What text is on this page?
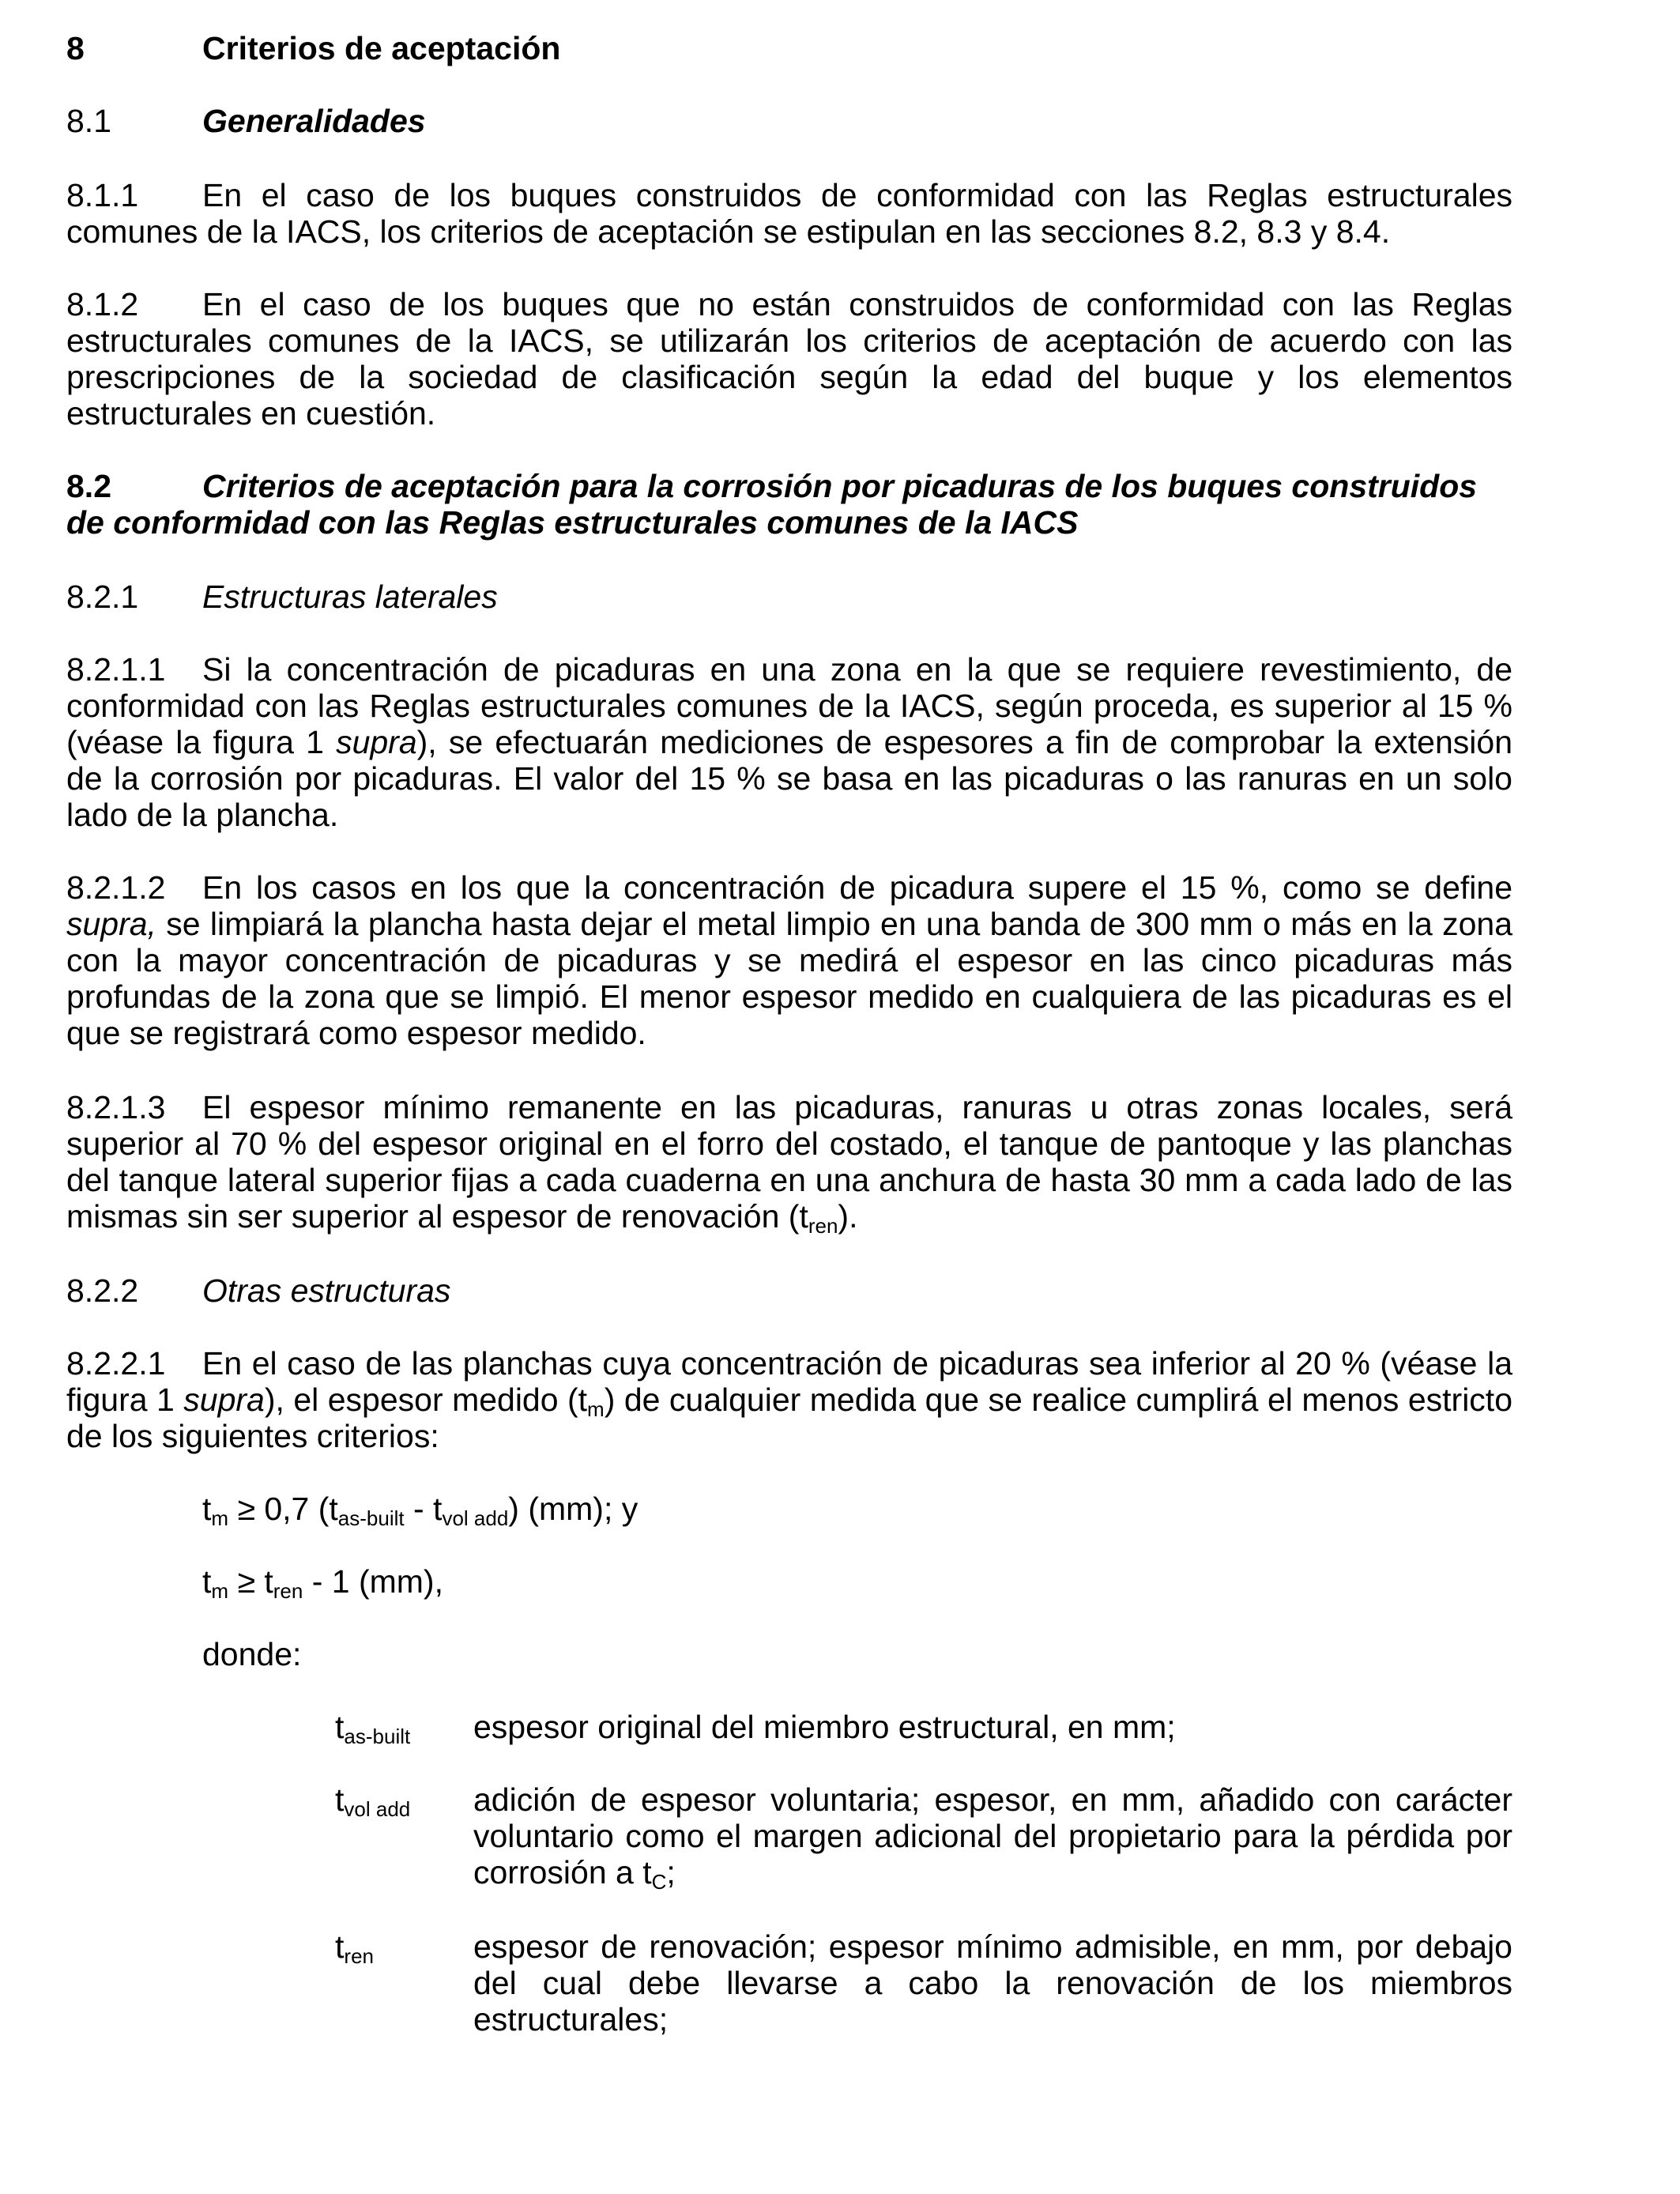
8	Criterios de aceptación
8.1	Generalidades
8.1.1 En el caso de los buques construidos de conformidad con las Reglas estructurales comunes de la IACS, los criterios de aceptación se estipulan en las secciones 8.2, 8.3 y 8.4.
8.1.2 En el caso de los buques que no están construidos de conformidad con las Reglas estructurales comunes de la IACS, se utilizarán los criterios de aceptación de acuerdo con las prescripciones de la sociedad de clasificación según la edad del buque y los elementos estructurales en cuestión.
8.2	Criterios de aceptación para la corrosión por picaduras de los buques construidos de conformidad con las Reglas estructurales comunes de la IACS
8.2.1	Estructuras laterales
8.2.1.1 Si la concentración de picaduras en una zona en la que se requiere revestimiento, de conformidad con las Reglas estructurales comunes de la IACS, según proceda, es superior al 15 % (véase la figura 1 supra), se efectuarán mediciones de espesores a fin de comprobar la extensión de la corrosión por picaduras. El valor del 15 % se basa en las picaduras o las ranuras en un solo lado de la plancha.
8.2.1.2 En los casos en los que la concentración de picadura supere el 15 %, como se define supra, se limpiará la plancha hasta dejar el metal limpio en una banda de 300 mm o más en la zona con la mayor concentración de picaduras y se medirá el espesor en las cinco picaduras más profundas de la zona que se limpió. El menor espesor medido en cualquiera de las picaduras es el que se registrará como espesor medido.
8.2.1.3 El espesor mínimo remanente en las picaduras, ranuras u otras zonas locales, será superior al 70 % del espesor original en el forro del costado, el tanque de pantoque y las planchas del tanque lateral superior fijas a cada cuaderna en una anchura de hasta 30 mm a cada lado de las mismas sin ser superior al espesor de renovación $(t_{ren})$.
8.2.2	Otras estructuras
8.2.2.1 En el caso de las planchas cuya concentración de picaduras sea inferior al 20 % (véase la figura 1 supra), el espesor medido $(t_m)$ de cualquier medida que se realice cumplirá el menos estricto de los siguientes criterios:
$t_m \ge 0,7$ $(t_{as-built} - t_{vol add})$ (mm); y
$t_m \ge t_{ren} - 1$ (mm),
donde:
$t_{as-built}$	espesor original del miembro estructural, en mm;
$t_{vol add}$	adición de espesor voluntaria; espesor, en mm, añadido con carácter voluntario como el margen adicional del propietario para la pérdida por corrosión a $t_C$;
$t_{ren}$	espesor de renovación; espesor mínimo admisible, en mm, por debajo del cual debe llevarse a cabo la renovación de los miembros estructurales;
